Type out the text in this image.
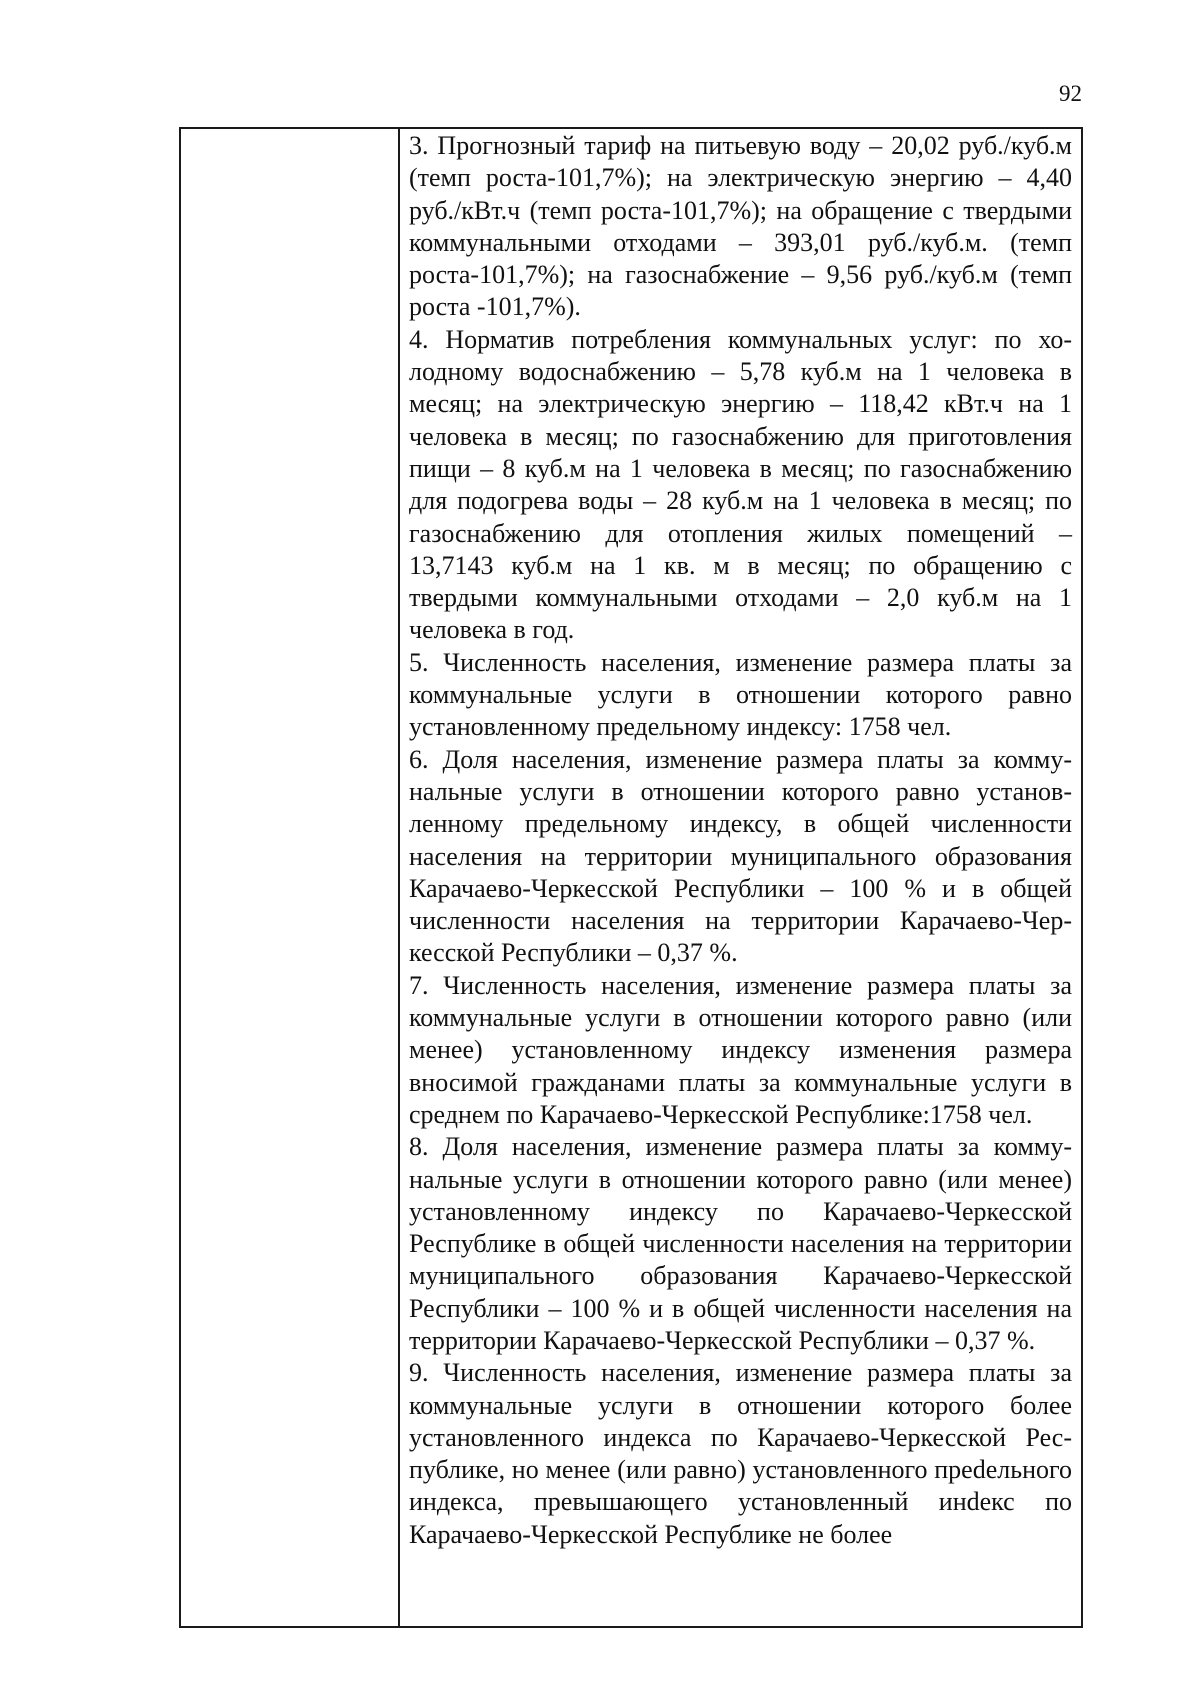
92

3. Прогнозный тариф на питьевую воду – 20,02 руб./куб.м (темп роста-101,7%); на электрическую энергию – 4,40 руб./кВт.ч (темп роста-101,7%); на обращение с твердыми коммунальными отходами – 393,01 руб./куб.м. (темп роста-101,7%); на газоснабжение – 9,56 руб./куб.м (темп роста -101,7%).

4. Норматив потребления коммунальных услуг: по холодному водоснабжению – 5,78 куб.м на 1 человека в месяц; на электрическую энергию – 118,42 кВт.ч на 1 человека в месяц; по газоснабжению для приготовления пищи – 8 куб.м на 1 человека в месяц; по газоснабжению для подогрева воды – 28 куб.м на 1 человека в месяц; по газоснабжению для отопления жилых помещений – 13,7143 куб.м на 1 кв. м в месяц; по обращению с твердыми коммунальными отходами – 2,0 куб.м на 1 человека в год.

5. Численность населения, изменение размера платы за коммунальные услуги в отношении которого равно установленному предельному индексу: 1758 чел.

6. Доля населения, изменение размера платы за коммунальные услуги в отношении которого равно установленному предельному индексу, в общей численности населения на территории муниципального образования Карачаево-Черкесской Республики – 100 % и в общей численности населения на территории Карачаево-Черкесской Республики – 0,37 %.

7. Численность населения, изменение размера платы за коммунальные услуги в отношении которого равно (или менее) установленному индексу изменения размера вносимой гражданами платы за коммунальные услуги в среднем по Карачаево-Черкесской Республике:1758 чел.

8. Доля населения, изменение размера платы за коммунальные услуги в отношении которого равно (или менее) установленному индексу по Карачаево-Черкесской Республике в общей численности населения на территории муниципального образования Карачаево-Черкесской Республики – 100 % и в общей численности населения на территории Карачаево-Черкесской Республики – 0,37 %.

9. Численность населения, изменение размера платы за коммунальные услуги в отношении которого более установленного индекса по Карачаево-Черкесской Республике, но менее (или равно) установленного преdельного индекса, превышающего установленный инdекс по Карачаево-Черкесской Республике не более
